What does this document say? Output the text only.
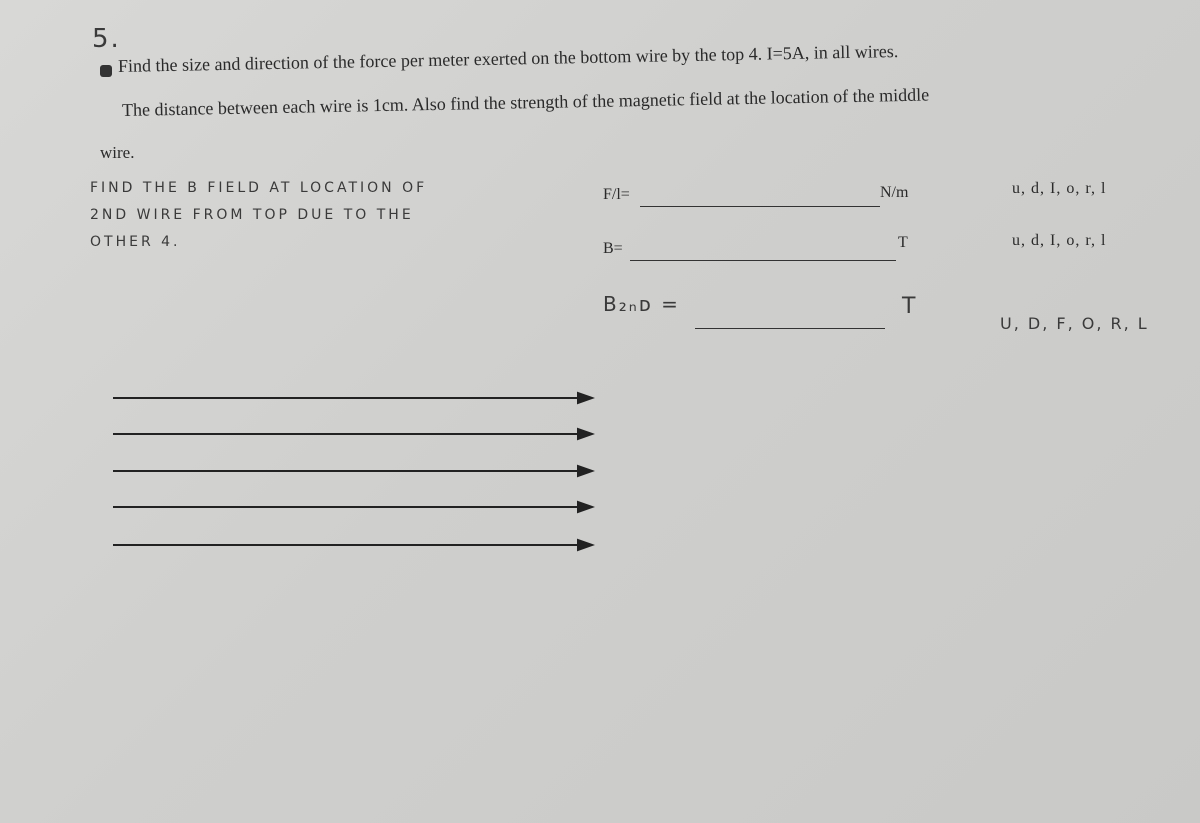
5.
Find the size and direction of the force per meter exerted on the bottom wire by the top 4. I=5A, in all wires.
The distance between each wire is 1cm. Also find the strength of the magnetic field at the location of the middle
wire.
FIND THE B FIELD AT LOCATION OF
2ND WIRE FROM TOP DUE TO THE
OTHER 4.
F/l=	N/m	u, d, I, o, r, l
B=	T	u, d, I, o, r, l
B₂ₙᴅ =	T
U, D, F, O, R, L
